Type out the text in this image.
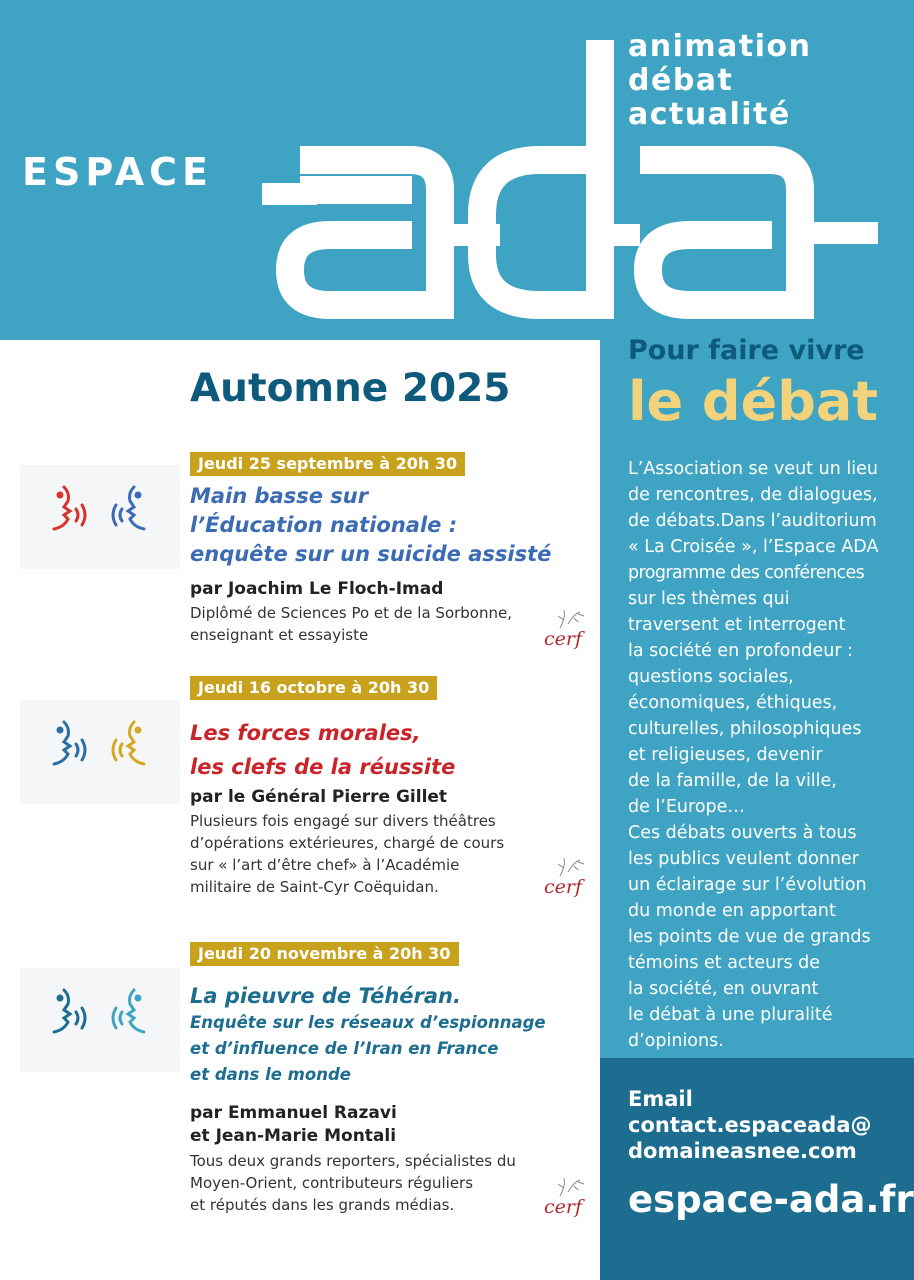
ESPACE
animation
débat
actualité
Pour faire vivre
le débat
L’Association se veut un lieu
de rencontres, de dialogues,
de débats.Dans l’auditorium
« La Croisée », l’Espace ADA
programme des conférences
sur les thèmes qui
traversent et interrogent
la société en profondeur :
questions sociales,
économiques, éthiques,
culturelles, philosophiques
et religieuses, devenir
de la famille, de la ville,
de l’Europe…
Ces débats ouverts à tous
les publics veulent donner
un éclairage sur l’évolution
du monde en apportant
les points de vue de grands
témoins et acteurs de
la société, en ouvrant
le débat à une pluralité
d’opinions.
Email
contact.espaceada@
domaineasnee.com
espace-ada.fr
Automne 2025
Jeudi 25 septembre à 20h 30
Main basse sur
l’Éducation nationale :
enquête sur un suicide assisté
par Joachim Le Floch-Imad
Diplômé de Sciences Po et de la Sorbonne,
enseignant et essayiste	cerf
Jeudi 16 octobre à 20h 30
Les forces morales,
les clefs de la réussite
par le Général Pierre Gillet
Plusieurs fois engagé sur divers théâtres
d’opérations extérieures, chargé de cours
sur « l’art d’être chef» à l’Académie
militaire de Saint-Cyr Coëquidan.	cerf
Jeudi 20 novembre à 20h 30
La pieuvre de Téhéran.
Enquête sur les réseaux d’espionnage
et d’influence de l’Iran en France
et dans le monde
par Emmanuel Razavi
et Jean-Marie Montali
Tous deux grands reporters, spécialistes du
Moyen-Orient, contributeurs réguliers
et réputés dans les grands médias.	cerf
